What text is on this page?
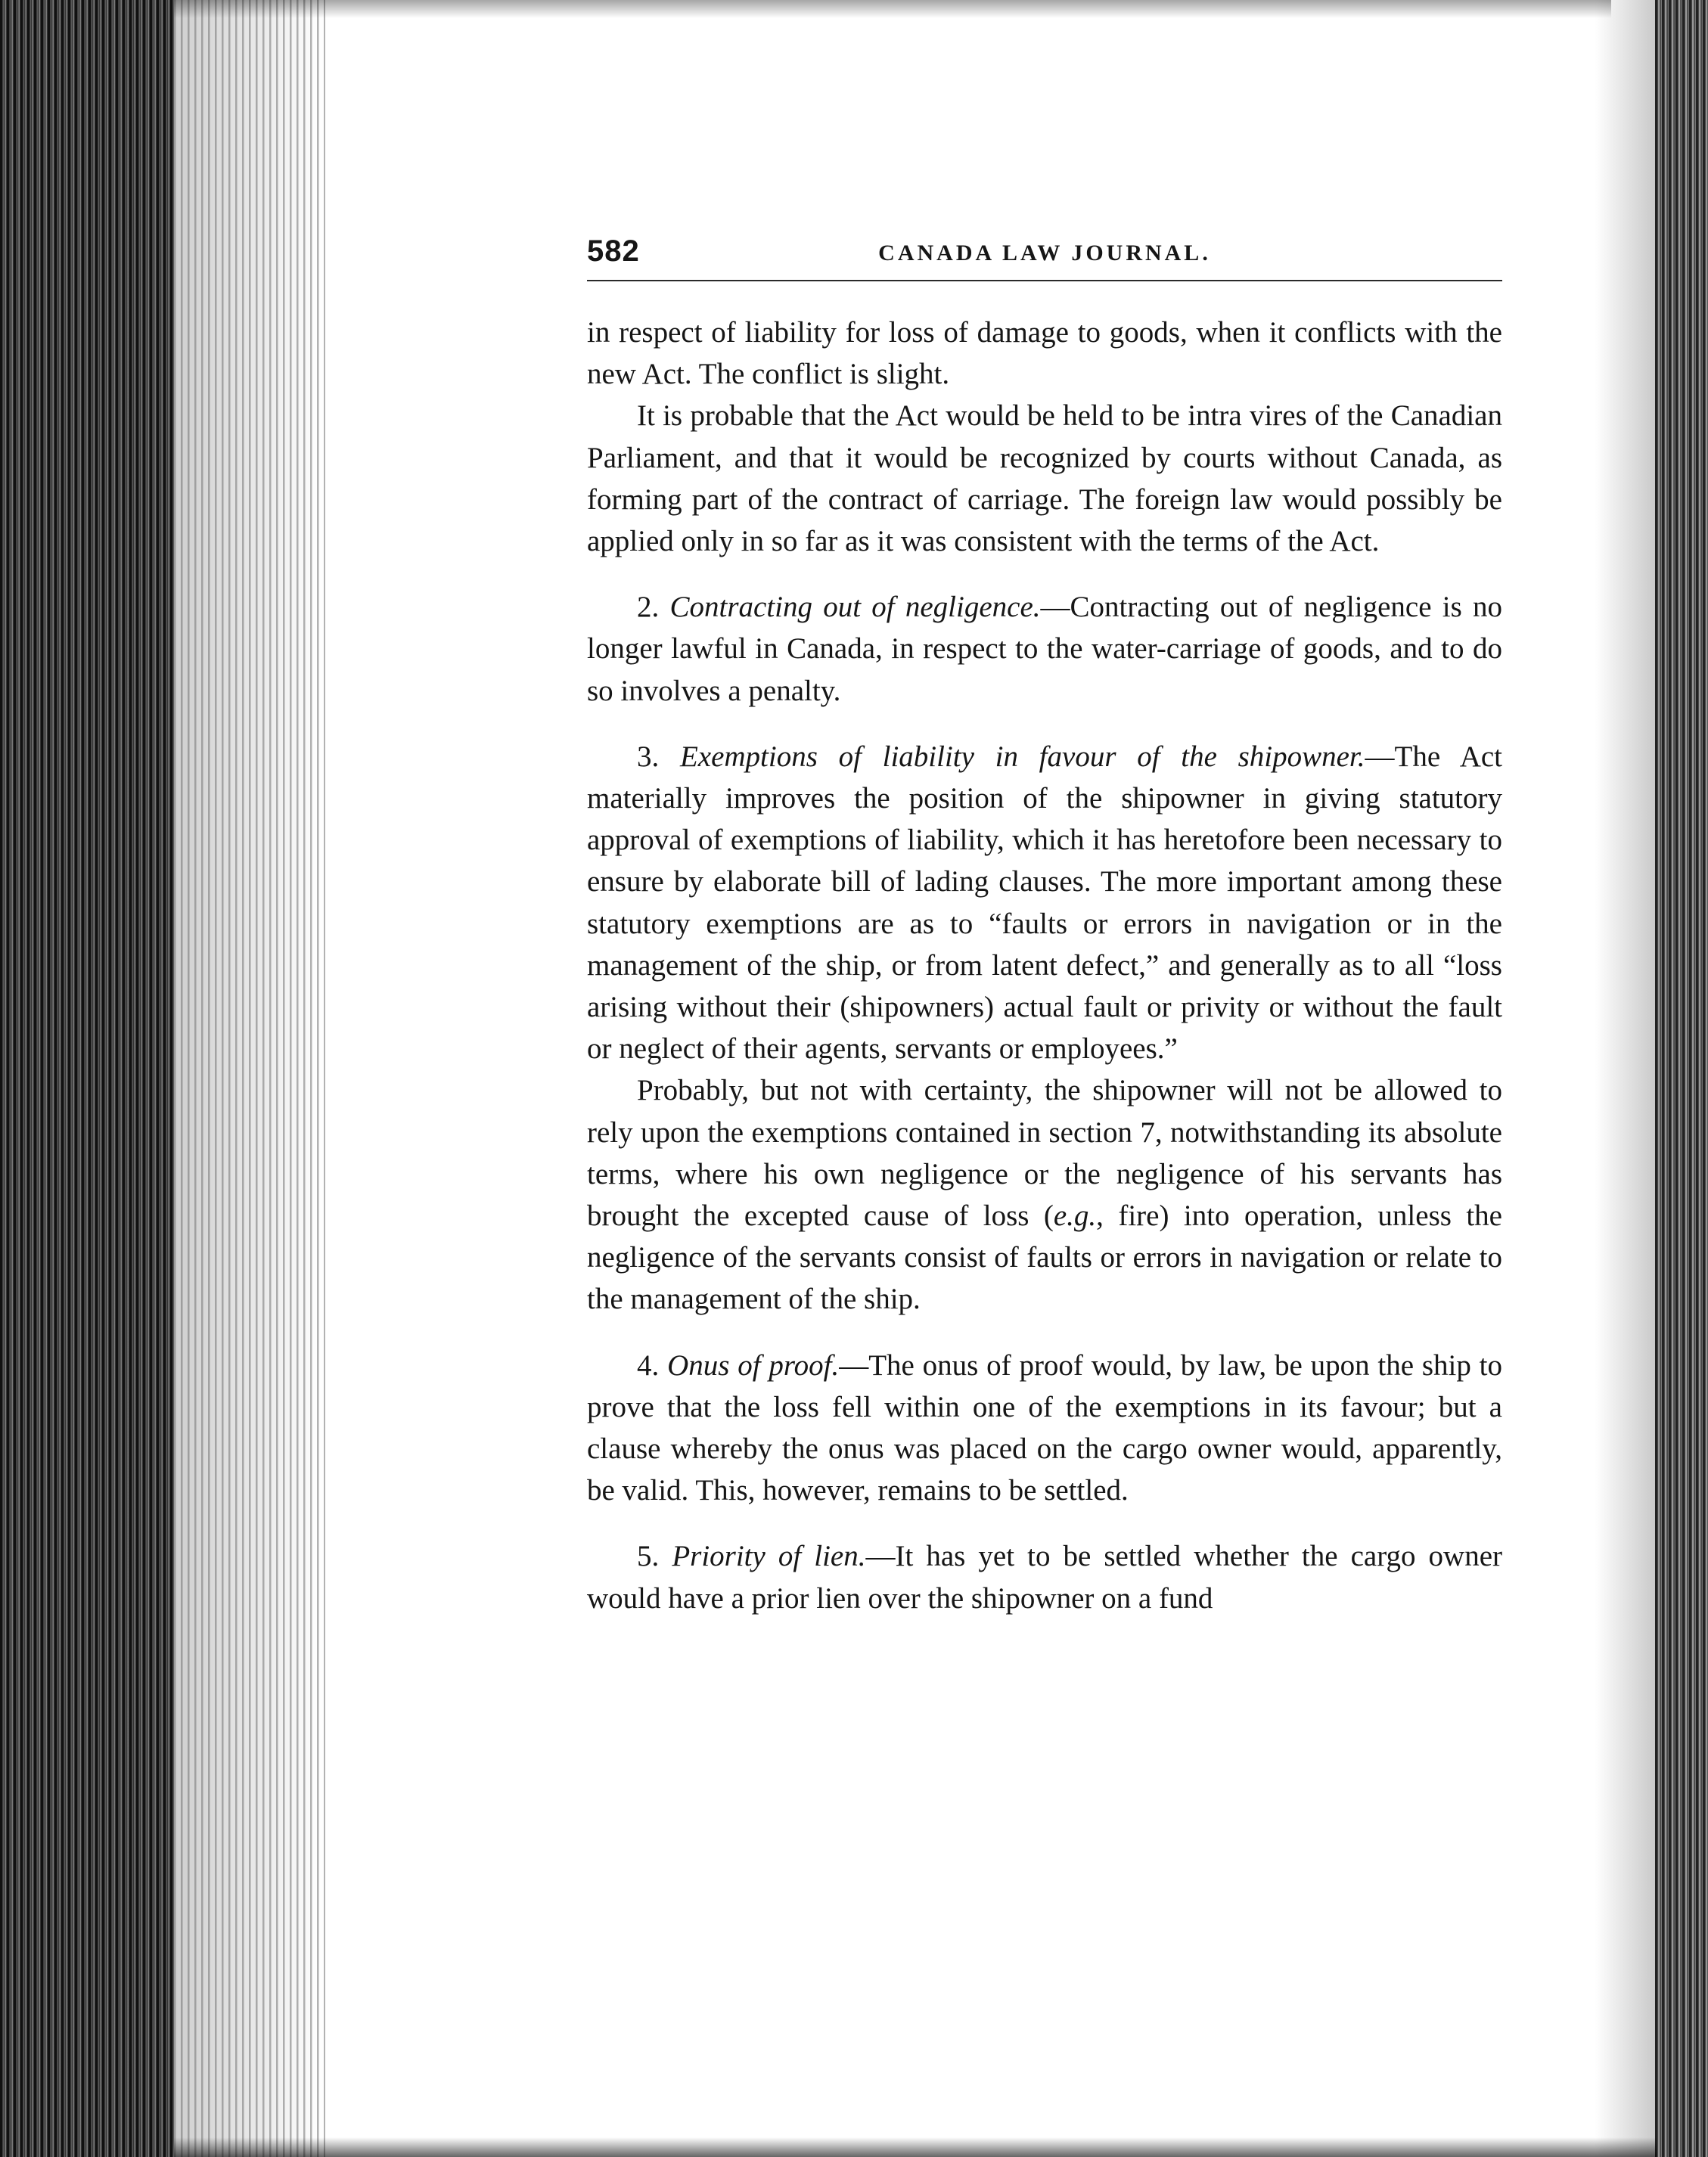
582	CANADA LAW JOURNAL.

in respect of liability for loss of damage to goods, when it conflicts with the new Act. The conflict is slight.

It is probable that the Act would be held to be intra vires of the Canadian Parliament, and that it would be recognized by courts without Canada, as forming part of the contract of carriage. The foreign law would possibly be applied only in so far as it was consistent with the terms of the Act.

2. Contracting out of negligence.—Contracting out of negligence is no longer lawful in Canada, in respect to the water-carriage of goods, and to do so involves a penalty.

3. Exemptions of liability in favour of the shipowner.—The Act materially improves the position of the shipowner in giving statutory approval of exemptions of liability, which it has heretofore been necessary to ensure by elaborate bill of lading clauses. The more important among these statutory exemptions are as to “faults or errors in navigation or in the management of the ship, or from latent defect,” and generally as to all “loss arising without their (shipowners) actual fault or privity or without the fault or neglect of their agents, servants or employees.”

Probably, but not with certainty, the shipowner will not be allowed to rely upon the exemptions contained in section 7, notwithstanding its absolute terms, where his own negligence or the negligence of his servants has brought the excepted cause of loss (e.g., fire) into operation, unless the negligence of the servants consist of faults or errors in navigation or relate to the management of the ship.

4. Onus of proof.—The onus of proof would, by law, be upon the ship to prove that the loss fell within one of the exemptions in its favour; but a clause whereby the onus was placed on the cargo owner would, apparently, be valid. This, however, remains to be settled.

5. Priority of lien.—It has yet to be settled whether the cargo owner would have a prior lien over the shipowner on a fund
